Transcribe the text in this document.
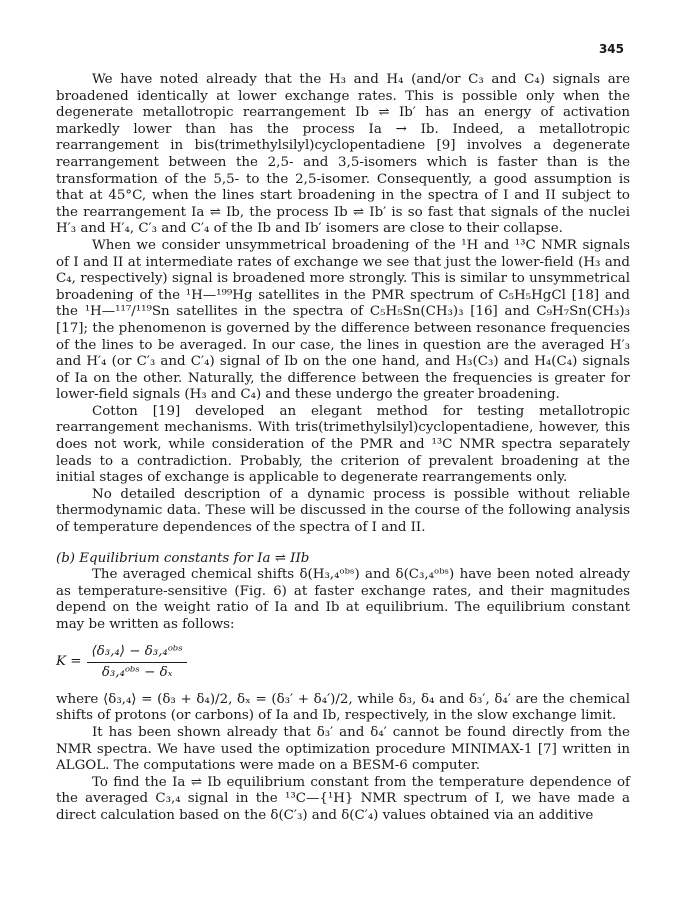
345

We have noted already that the H₃ and H₄ (and/or C₃ and C₄) signals are broadened identically at lower exchange rates. This is possible only when the degenerate metallotropic rearrangement Ib ⇌ Ib′ has an energy of activation markedly lower than has the process Ia → Ib. Indeed, a metallotropic rearrangement in bis(trimethylsilyl)cyclopentadiene [9] involves a degenerate rearrangement between the 2,5- and 3,5-isomers which is faster than is the transformation of the 5,5- to the 2,5-isomer. Consequently, a good assumption is that at 45°C, when the lines start broadening in the spectra of I and II subject to the rearrangement Ia ⇌ Ib, the process Ib ⇌ Ib′ is so fast that signals of the nuclei H′₃ and H′₄, C′₃ and C′₄ of the Ib and Ib′ isomers are close to their collapse.

When we consider unsymmetrical broadening of the ¹H and ¹³C NMR signals of I and II at intermediate rates of exchange we see that just the lower-field (H₃ and C₄, respectively) signal is broadened more strongly. This is similar to unsymmetrical broadening of the ¹H—¹⁹⁹Hg satellites in the PMR spectrum of C₅H₅HgCl [18] and the ¹H—¹¹⁷/¹¹⁹Sn satellites in the spectra of C₅H₅Sn(CH₃)₃ [16] and C₉H₇Sn(CH₃)₃ [17]; the phenomenon is governed by the difference between resonance frequencies of the lines to be averaged. In our case, the lines in question are the averaged H′₃ and H′₄ (or C′₃ and C′₄) signal of Ib on the one hand, and H₃(C₃) and H₄(C₄) signals of Ia on the other. Naturally, the difference between the frequencies is greater for lower-field signals (H₃ and C₄) and these undergo the greater broadening.

Cotton [19] developed an elegant method for testing metallotropic rearrangement mechanisms. With tris(trimethylsilyl)cyclopentadiene, however, this does not work, while consideration of the PMR and ¹³C NMR spectra separately leads to a contradiction. Probably, the criterion of prevalent broadening at the initial stages of exchange is applicable to degenerate rearrangements only.

No detailed description of a dynamic process is possible without reliable thermodynamic data. These will be discussed in the course of the following analysis of temperature dependences of the spectra of I and II.

(b) Equilibrium constants for Ia ⇌ IIb

The averaged chemical shifts δ(H₃,₄ᵒᵇˢ) and δ(C₃,₄ᵒᵇˢ) have been noted already as temperature-sensitive (Fig. 6) at faster exchange rates, and their magnitudes depend on the weight ratio of Ia and Ib at equilibrium. The equilibrium constant may be written as follows:

$K = \frac{\text{⟨δ₃,₄⟩ − δ₃,₄ᵒᵇˢ}}{\text{δ₃,₄ᵒᵇˢ − δₓ}}$

where ⟨δ₃,₄⟩ = (δ₃ + δ₄)/2, δₓ = (δ₃′ + δ₄′)/2, while δ₃, δ₄ and δ₃′, δ₄′ are the chemical shifts of protons (or carbons) of Ia and Ib, respectively, in the slow exchange limit.

It has been shown already that δ₃′ and δ₄′ cannot be found directly from the NMR spectra. We have used the optimization procedure MINIMAX-1 [7] written in ALGOL. The computations were made on a BESM-6 computer.

To find the Ia ⇌ Ib equilibrium constant from the temperature dependence of the averaged C₃,₄ signal in the ¹³C—{¹H} NMR spectrum of I, we have made a direct calculation based on the δ(C′₃) and δ(C′₄) values obtained via an additive
